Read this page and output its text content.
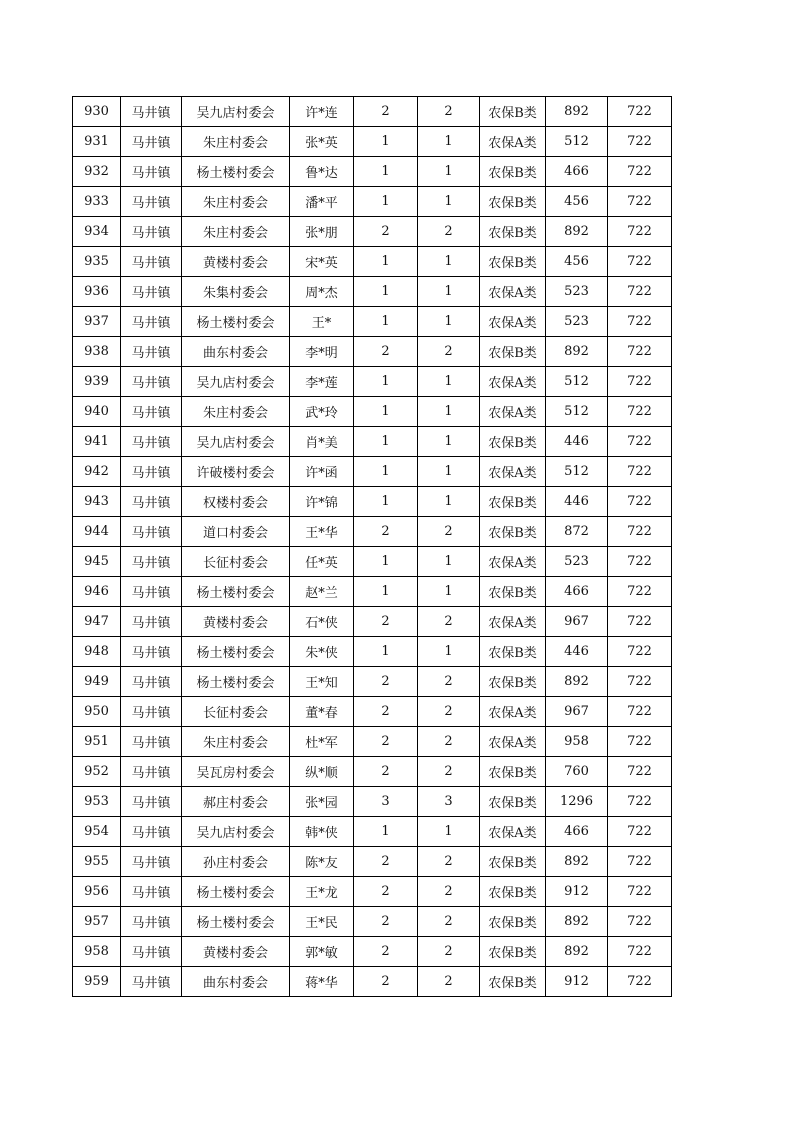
930	马井镇	吴九店村委会	许*连	2	2	农保B类	892	722
931	马井镇	朱庄村委会	张*英	1	1	农保A类	512	722
932	马井镇	杨土楼村委会	鲁*达	1	1	农保B类	466	722
933	马井镇	朱庄村委会	潘*平	1	1	农保B类	456	722
934	马井镇	朱庄村委会	张*朋	2	2	农保B类	892	722
935	马井镇	黄楼村委会	宋*英	1	1	农保B类	456	722
936	马井镇	朱集村委会	周*杰	1	1	农保A类	523	722
937	马井镇	杨土楼村委会	王*	1	1	农保A类	523	722
938	马井镇	曲东村委会	李*明	2	2	农保B类	892	722
939	马井镇	吴九店村委会	李*莲	1	1	农保A类	512	722
940	马井镇	朱庄村委会	武*玲	1	1	农保A类	512	722
941	马井镇	吴九店村委会	肖*美	1	1	农保B类	446	722
942	马井镇	许破楼村委会	许*函	1	1	农保A类	512	722
943	马井镇	权楼村委会	许*锦	1	1	农保B类	446	722
944	马井镇	道口村委会	王*华	2	2	农保B类	872	722
945	马井镇	长征村委会	任*英	1	1	农保A类	523	722
946	马井镇	杨土楼村委会	赵*兰	1	1	农保B类	466	722
947	马井镇	黄楼村委会	石*侠	2	2	农保A类	967	722
948	马井镇	杨土楼村委会	朱*侠	1	1	农保B类	446	722
949	马井镇	杨土楼村委会	王*知	2	2	农保B类	892	722
950	马井镇	长征村委会	董*春	2	2	农保A类	967	722
951	马井镇	朱庄村委会	杜*军	2	2	农保A类	958	722
952	马井镇	吴瓦房村委会	纵*顺	2	2	农保B类	760	722
953	马井镇	郝庄村委会	张*园	3	3	农保B类	1296	722
954	马井镇	吴九店村委会	韩*侠	1	1	农保A类	466	722
955	马井镇	孙庄村委会	陈*友	2	2	农保B类	892	722
956	马井镇	杨土楼村委会	王*龙	2	2	农保B类	912	722
957	马井镇	杨土楼村委会	王*民	2	2	农保B类	892	722
958	马井镇	黄楼村委会	郭*敏	2	2	农保B类	892	722
959	马井镇	曲东村委会	蒋*华	2	2	农保B类	912	722
